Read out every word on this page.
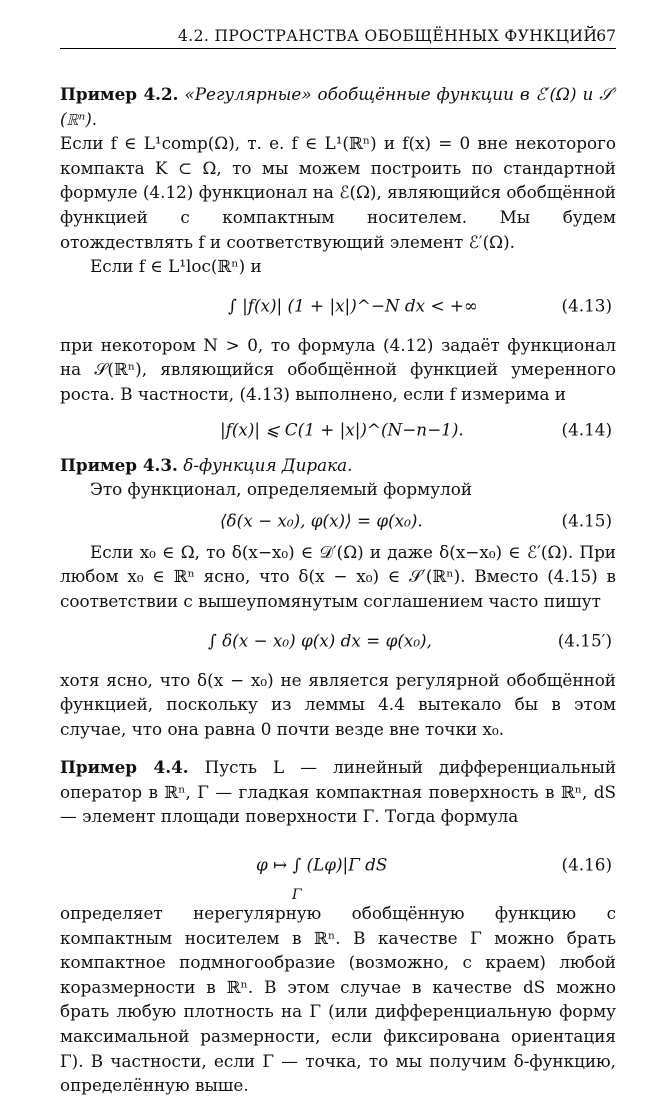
4.2. ПРОСТРАНСТВА ОБОБЩЁННЫХ ФУНКЦИЙ
67

Пример 4.2. «Регулярные» обобщённые функции в ℰ′(Ω) и 𝒮′(ℝⁿ).

Если f ∈ L¹comp(Ω), т. е. f ∈ L¹(ℝⁿ) и f(x) = 0 вне некоторого компакта K ⊂ Ω, то мы можем построить по стандартной формуле (4.12) функционал на ℰ(Ω), являющийся обобщённой функцией с компактным носителем. Мы будем отождествлять f и соответствующий элемент ℰ′(Ω).

Если f ∈ L¹loc(ℝⁿ) и

∫ |f(x)| (1 + |x|)^−N dx < +∞	(4.13)

при некотором N > 0, то формула (4.12) задаёт функционал на 𝒮(ℝⁿ), являющийся обобщённой функцией умеренного роста. В частности, (4.13) выполнено, если f измерима и

|f(x)| ⩽ C(1 + |x|)^(N−n−1).	(4.14)

Пример 4.3. δ-функция Дирака.

Это функционал, определяемый формулой

⟨δ(x − x₀), φ(x)⟩ = φ(x₀).	(4.15)

Если x₀ ∈ Ω, то δ(x−x₀) ∈ 𝒟′(Ω) и даже δ(x−x₀) ∈ ℰ′(Ω). При любом x₀ ∈ ℝⁿ ясно, что δ(x − x₀) ∈ 𝒮′(ℝⁿ). Вместо (4.15) в соответствии с вышеупомянутым соглашением часто пишут

∫ δ(x − x₀) φ(x) dx = φ(x₀),	(4.15′)

хотя ясно, что δ(x − x₀) не является регулярной обобщённой функцией, поскольку из леммы 4.4 вытекало бы в этом случае, что она равна 0 почти везде вне точки x₀.

Пример 4.4. Пусть L — линейный дифференциальный оператор в ℝⁿ, Γ — гладкая компактная поверхность в ℝⁿ, dS — элемент площади поверхности Γ. Тогда формула

φ ↦ ∫ (Lφ)|Γ dS
Γ
(4.16)

определяет нерегулярную обобщённую функцию с компактным носителем в ℝⁿ. В качестве Γ можно брать компактное подмногообразие (возможно, с краем) любой коразмерности в ℝⁿ. В этом случае в качестве dS можно брать любую плотность на Γ (или дифференциальную форму максимальной размерности, если фиксирована ориентация Γ). В частности, если Γ — точка, то мы получим δ-функцию, определённую выше.
